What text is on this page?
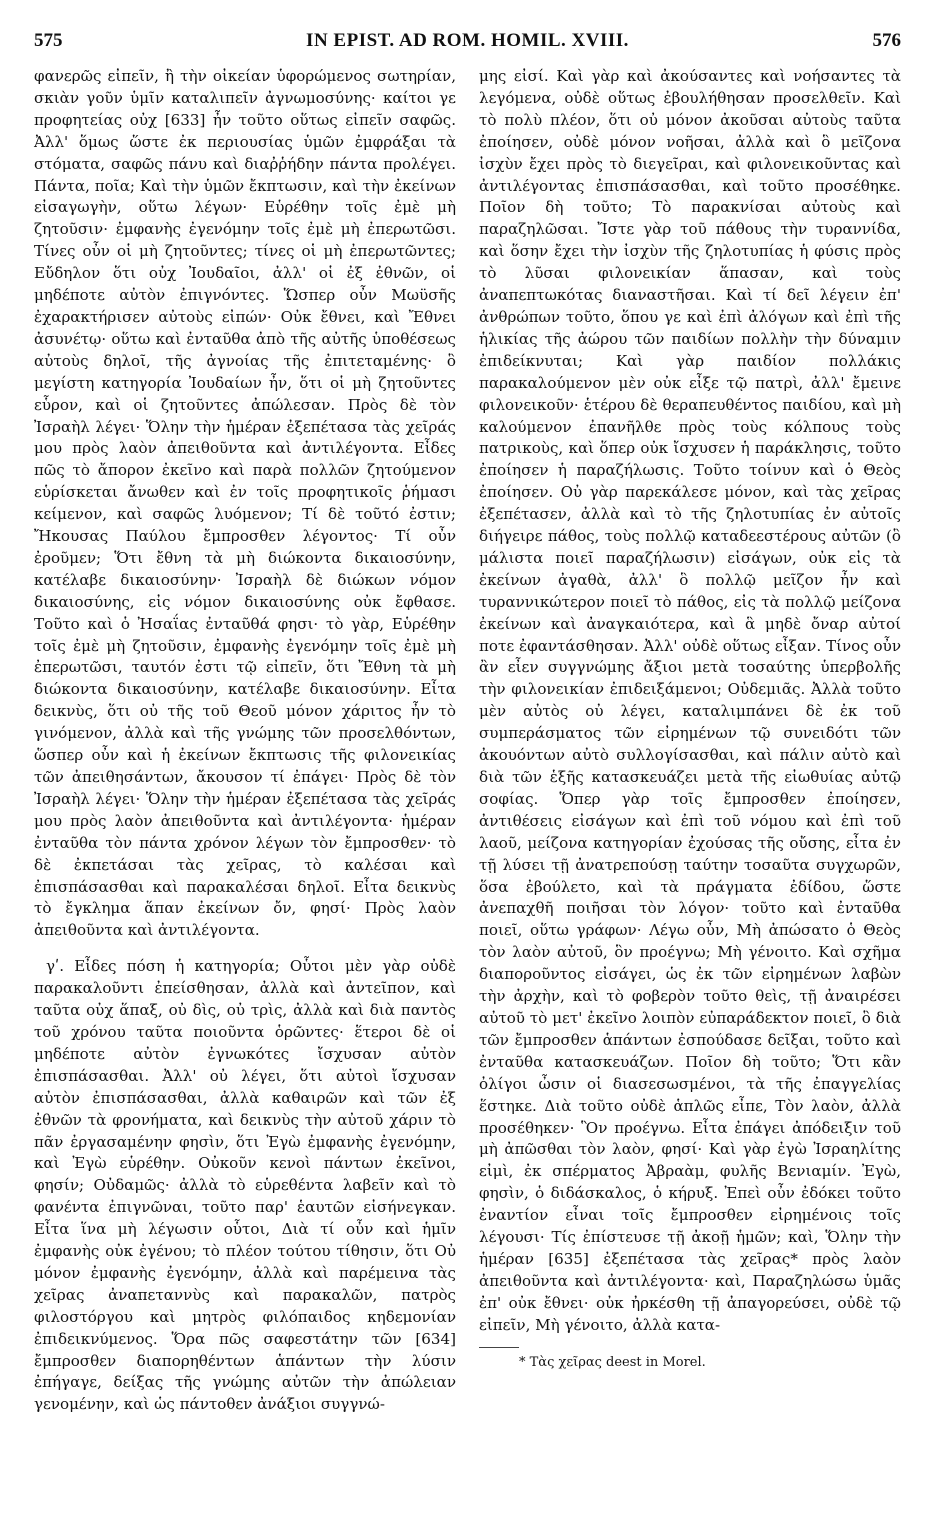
575	IN EPIST. AD ROM. HOMIL. XVIII.	576

φανερῶς εἰπεῖν, ἢ τὴν οἰκείαν ὑφορώμενος σωτηρίαν, σκιὰν γοῦν ὑμῖν καταλιπεῖν ἀγνωμοσύνης· καίτοι γε προφητείας οὐχ [633] ἦν τοῦτο οὕτως εἰπεῖν σαφῶς. Ἀλλ' ὅμως ὥστε ἐκ περιουσίας ὑμῶν ἐμφράξαι τὰ στόματα, σαφῶς πάνυ καὶ διαῤῥήδην πάντα προλέγει. Πάντα, ποῖα; Καὶ τὴν ὑμῶν ἔκπτωσιν, καὶ τὴν ἐκείνων εἰσαγωγὴν, οὕτω λέγων· Εὑρέθην τοῖς ἐμὲ μὴ ζητοῦσιν· ἐμφανὴς ἐγενόμην τοῖς ἐμὲ μὴ ἐπερωτῶσι. Τίνες οὖν οἱ μὴ ζητοῦντες; τίνες οἱ μὴ ἐπερωτῶντες; Εὔδηλον ὅτι οὐχ Ἰουδαῖοι, ἀλλ' οἱ ἐξ ἐθνῶν, οἱ μηδέποτε αὐτὸν ἐπιγνόντες. Ὥσπερ οὖν Μωϋσῆς ἐχαρακτήρισεν αὐτοὺς εἰπών· Οὐκ ἔθνει, καὶ Ἔθνει ἀσυνέτῳ· οὕτω καὶ ἐνταῦθα ἀπὸ τῆς αὐτῆς ὑποθέσεως αὐτοὺς δηλοῖ, τῆς ἀγνοίας τῆς ἐπιτεταμένης· ὃ μεγίστη κατηγορία Ἰουδαίων ἦν, ὅτι οἱ μὴ ζητοῦντες εὗρον, καὶ οἱ ζητοῦντες ἀπώλεσαν. Πρὸς δὲ τὸν Ἰσραὴλ λέγει· Ὅλην τὴν ἡμέραν ἐξεπέτασα τὰς χεῖράς μου πρὸς λαὸν ἀπειθοῦντα καὶ ἀντιλέγοντα. Εἶδες πῶς τὸ ἄπορον ἐκεῖνο καὶ παρὰ πολλῶν ζητούμενον εὑρίσκεται ἄνωθεν καὶ ἐν τοῖς προφητικοῖς ῥήμασι κείμενον, καὶ σαφῶς λυόμενον; Τί δὲ τοῦτό ἐστιν; Ἤκουσας Παύλου ἔμπροσθεν λέγοντος· Τί οὖν ἐροῦμεν; Ὅτι ἔθνη τὰ μὴ διώκοντα δικαιοσύνην, κατέλαβε δικαιοσύνην· Ἰσραὴλ δὲ διώκων νόμον δικαιοσύνης, εἰς νόμον δικαιοσύνης οὐκ ἔφθασε. Τοῦτο καὶ ὁ Ἠσαΐας ἐνταῦθά φησι· τὸ γὰρ, Εὑρέθην τοῖς ἐμὲ μὴ ζητοῦσιν, ἐμφανὴς ἐγενόμην τοῖς ἐμὲ μὴ ἐπερωτῶσι, ταυτόν ἐστι τῷ εἰπεῖν, ὅτι Ἔθνη τὰ μὴ διώκοντα δικαιοσύνην, κατέλαβε δικαιοσύνην. Εἶτα δεικνὺς, ὅτι οὐ τῆς τοῦ Θεοῦ μόνον χάριτος ἦν τὸ γινόμενον, ἀλλὰ καὶ τῆς γνώμης τῶν προσελθόντων, ὥσπερ οὖν καὶ ἡ ἐκείνων ἔκπτωσις τῆς φιλονεικίας τῶν ἀπειθησάντων, ἄκουσον τί ἐπάγει· Πρὸς δὲ τὸν Ἰσραὴλ λέγει· Ὅλην τὴν ἡμέραν ἐξεπέτασα τὰς χεῖράς μου πρὸς λαὸν ἀπειθοῦντα καὶ ἀντιλέγοντα· ἡμέραν ἐνταῦθα τὸν πάντα χρόνον λέγων τὸν ἔμπροσθεν· τὸ δὲ ἐκπετάσαι τὰς χεῖρας, τὸ καλέσαι καὶ ἐπισπάσασθαι καὶ παρακαλέσαι δηλοῖ. Εἶτα δεικνὺς τὸ ἔγκλημα ἅπαν ἐκείνων ὄν, φησί· Πρὸς λαὸν ἀπειθοῦντα καὶ ἀντιλέγοντα.

γʹ. Εἶδες πόση ἡ κατηγορία; Οὗτοι μὲν γὰρ οὐδὲ παρακαλοῦντι ἐπείσθησαν, ἀλλὰ καὶ ἀντεῖπον, καὶ ταῦτα οὐχ ἅπαξ, οὐ δὶς, οὐ τρὶς, ἀλλὰ καὶ διὰ παντὸς τοῦ χρόνου ταῦτα ποιοῦντα ὁρῶντες· ἕτεροι δὲ οἱ μηδέποτε αὐτὸν ἐγνωκότες ἴσχυσαν αὐτὸν ἐπισπάσασθαι. Ἀλλ' οὐ λέγει, ὅτι αὐτοὶ ἴσχυσαν αὐτὸν ἐπισπάσασθαι, ἀλλὰ καθαιρῶν καὶ τῶν ἐξ ἐθνῶν τὰ φρονήματα, καὶ δεικνὺς τὴν αὐτοῦ χάριν τὸ πᾶν ἐργασαμένην φησὶν, ὅτι Ἐγὼ ἐμφανὴς ἐγενόμην, καὶ Ἐγὼ εὑρέθην. Οὐκοῦν κενοὶ πάντων ἐκεῖνοι, φησίν; Οὐδαμῶς· ἀλλὰ τὸ εὑρεθέντα λαβεῖν καὶ τὸ φανέντα ἐπιγνῶναι, τοῦτο παρ' ἑαυτῶν εἰσήνεγκαν. Εἶτα ἵνα μὴ λέγωσιν οὗτοι, Διὰ τί οὖν καὶ ἡμῖν ἐμφανὴς οὐκ ἐγένου; τὸ πλέον τούτου τίθησιν, ὅτι Οὐ μόνον ἐμφανὴς ἐγενόμην, ἀλλὰ καὶ παρέμεινα τὰς χεῖρας ἀναπεταννὺς καὶ παρακαλῶν, πατρὸς φιλοστόργου καὶ μητρὸς φιλόπαιδος κηδεμονίαν ἐπιδεικνύμενος. Ὅρα πῶς σαφεστάτην τῶν [634] ἔμπροσθεν διαπορηθέντων ἁπάντων τὴν λύσιν ἐπήγαγε, δείξας τῆς γνώμης αὐτῶν τὴν ἀπώλειαν γενομένην, καὶ ὡς πάντοθεν ἀνάξιοι συγγνώ-

μης εἰσί. Καὶ γὰρ καὶ ἀκούσαντες καὶ νοήσαντες τὰ λεγόμενα, οὐδὲ οὕτως ἐβουλήθησαν προσελθεῖν. Καὶ τὸ πολὺ πλέον, ὅτι οὐ μόνον ἀκοῦσαι αὐτοὺς ταῦτα ἐποίησεν, οὐδὲ μόνον νοῆσαι, ἀλλὰ καὶ ὃ μεῖζονα ἰσχὺν ἔχει πρὸς τὸ διεγεῖραι, καὶ φιλονεικοῦντας καὶ ἀντιλέγοντας ἐπισπάσασθαι, καὶ τοῦτο προσέθηκε. Ποῖον δὴ τοῦτο; Τὸ παρακνίσαι αὐτοὺς καὶ παραζηλῶσαι. Ἴστε γὰρ τοῦ πάθους τὴν τυραννίδα, καὶ ὅσην ἔχει τὴν ἰσχὺν τῆς ζηλοτυπίας ἡ φύσις πρὸς τὸ λῦσαι φιλονεικίαν ἅπασαν, καὶ τοὺς ἀναπεπτωκότας διαναστῆσαι. Καὶ τί δεῖ λέγειν ἐπ' ἀνθρώπων τοῦτο, ὅπου γε καὶ ἐπὶ ἀλόγων καὶ ἐπὶ τῆς ἡλικίας τῆς ἀώρου τῶν παιδίων πολλὴν τὴν δύναμιν ἐπιδείκνυται; Καὶ γὰρ παιδίον πολλάκις παρακαλούμενον μὲν οὐκ εἶξε τῷ πατρὶ, ἀλλ' ἔμεινε φιλονεικοῦν· ἑτέρου δὲ θεραπευθέντος παιδίου, καὶ μὴ καλούμενον ἐπανῆλθε πρὸς τοὺς κόλπους τοὺς πατρικοὺς, καὶ ὅπερ οὐκ ἴσχυσεν ἡ παράκλησις, τοῦτο ἐποίησεν ἡ παραζήλωσις. Τοῦτο τοίνυν καὶ ὁ Θεὸς ἐποίησεν. Οὐ γὰρ παρεκάλεσε μόνον, καὶ τὰς χεῖρας ἐξεπέτασεν, ἀλλὰ καὶ τὸ τῆς ζηλοτυπίας ἐν αὐτοῖς διήγειρε πάθος, τοὺς πολλῷ καταδεεστέρους αὐτῶν (ὃ μάλιστα ποιεῖ παραζήλωσιν) εἰσάγων, οὐκ εἰς τὰ ἐκείνων ἀγαθὰ, ἀλλ' ὃ πολλῷ μεῖζον ἦν καὶ τυραννικώτερον ποιεῖ τὸ πάθος, εἰς τὰ πολλῷ μείζονα ἐκείνων καὶ ἀναγκαιότερα, καὶ ἃ μηδὲ ὄναρ αὐτοί ποτε ἐφαντάσθησαν. Ἀλλ' οὐδὲ οὕτως εἶξαν. Τίνος οὖν ἂν εἶεν συγγνώμης ἄξιοι μετὰ τοσαύτης ὑπερβολῆς τὴν φιλονεικίαν ἐπιδειξάμενοι; Οὐδεμιᾶς. Ἀλλὰ τοῦτο μὲν αὐτὸς οὐ λέγει, καταλιμπάνει δὲ ἐκ τοῦ συμπεράσματος τῶν εἰρημένων τῷ συνειδότι τῶν ἀκουόντων αὐτὸ συλλογίσασθαι, καὶ πάλιν αὐτὸ καὶ διὰ τῶν ἑξῆς κατασκευάζει μετὰ τῆς εἰωθυίας αὐτῷ σοφίας. Ὅπερ γὰρ τοῖς ἔμπροσθεν ἐποίησεν, ἀντιθέσεις εἰσάγων καὶ ἐπὶ τοῦ νόμου καὶ ἐπὶ τοῦ λαοῦ, μείζονα κατηγορίαν ἐχούσας τῆς οὔσης, εἶτα ἐν τῇ λύσει τῇ ἀνατρεπούσῃ ταύτην τοσαῦτα συγχωρῶν, ὅσα ἐβούλετο, καὶ τὰ πράγματα ἐδίδου, ὥστε ἀνεπαχθῆ ποιῆσαι τὸν λόγον· τοῦτο καὶ ἐνταῦθα ποιεῖ, οὕτω γράφων· Λέγω οὖν, Μὴ ἀπώσατο ὁ Θεὸς τὸν λαὸν αὐτοῦ, ὃν προέγνω; Μὴ γένοιτο. Καὶ σχῆμα διαποροῦντος εἰσάγει, ὡς ἐκ τῶν εἰρημένων λαβὼν τὴν ἀρχὴν, καὶ τὸ φοβερὸν τοῦτο θεὶς, τῇ ἀναιρέσει αὐτοῦ τὸ μετ' ἐκεῖνο λοιπὸν εὐπαράδεκτον ποιεῖ, ὃ διὰ τῶν ἔμπροσθεν ἁπάντων ἐσπούδασε δεῖξαι, τοῦτο καὶ ἐνταῦθα κατασκευάζων. Ποῖον δὴ τοῦτο; Ὅτι κἂν ὀλίγοι ὦσιν οἱ διασεσωσμένοι, τὰ τῆς ἐπαγγελίας ἕστηκε. Διὰ τοῦτο οὐδὲ ἁπλῶς εἶπε, Τὸν λαὸν, ἀλλὰ προσέθηκεν· Ὃν προέγνω. Εἶτα ἐπάγει ἀπόδειξιν τοῦ μὴ ἀπῶσθαι τὸν λαὸν, φησί· Καὶ γὰρ ἐγὼ Ἰσραηλίτης εἰμὶ, ἐκ σπέρματος Ἀβραὰμ, φυλῆς Βενιαμίν. Ἐγὼ, φησὶν, ὁ διδάσκαλος, ὁ κήρυξ. Ἐπεὶ οὖν ἐδόκει τοῦτο ἐναντίον εἶναι τοῖς ἔμπροσθεν εἰρημένοις τοῖς λέγουσι· Τίς ἐπίστευσε τῇ ἀκοῇ ἡμῶν; καὶ, Ὅλην τὴν ἡμέραν [635] ἐξεπέτασα τὰς χεῖρας* πρὸς λαὸν ἀπειθοῦντα καὶ ἀντιλέγοντα· καὶ, Παραζηλώσω ὑμᾶς ἐπ' οὐκ ἔθνει· οὐκ ἠρκέσθη τῇ ἀπαγορεύσει, οὐδὲ τῷ εἰπεῖν, Μὴ γένοιτο, ἀλλὰ κατα-

* Τὰς χεῖρας deest in Morel.
